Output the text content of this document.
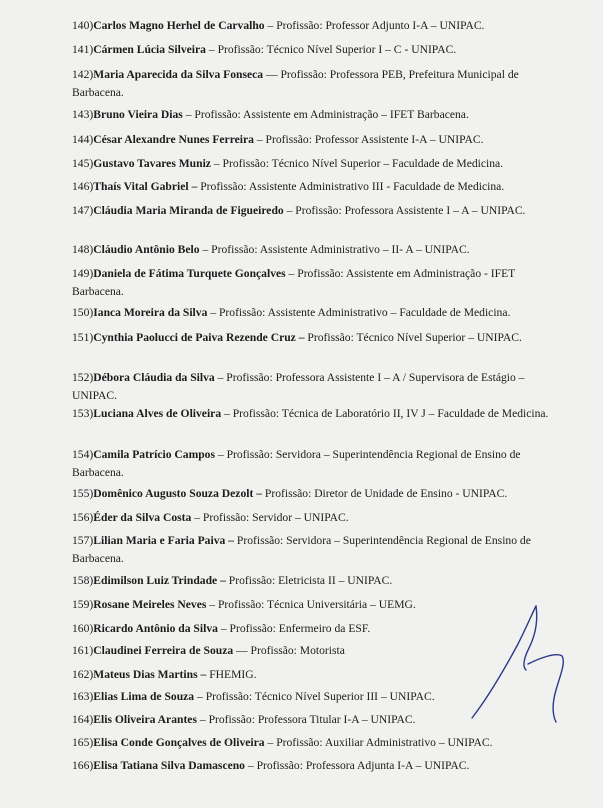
140)Carlos Magno Herhel de Carvalho – Profissão: Professor Adjunto I-A – UNIPAC.
141)Cármen Lúcia Silveira – Profissão: Técnico Nível Superior I – C - UNIPAC.
142)Maria Aparecida da Silva Fonseca — Profissão: Professora PEB, Prefeitura Municipal de Barbacena.
143)Bruno Vieira Dias – Profissão: Assistente em Administração – IFET Barbacena.
144)César Alexandre Nunes Ferreira – Profissão: Professor Assistente I-A – UNIPAC.
145)Gustavo Tavares Muniz – Profissão: Técnico Nível Superior – Faculdade de Medicina.
146)Thaís Vital Gabriel – Profissão: Assistente Administrativo III - Faculdade de Medicina.
147)Cláudia Maria Miranda de Figueiredo – Profissão: Professora Assistente I – A – UNIPAC.
148)Cláudio Antônio Belo – Profissão: Assistente Administrativo – II- A – UNIPAC.
149)Daniela de Fátima Turquete Gonçalves – Profissão: Assistente em Administração - IFET Barbacena.
150)Ianca Moreira da Silva – Profissão: Assistente Administrativo – Faculdade de Medicina.
151)Cynthia Paolucci de Paiva Rezende Cruz – Profissão: Técnico Nível Superior – UNIPAC.
152)Débora Cláudia da Silva – Profissão: Professora Assistente I – A / Supervisora de Estágio – UNIPAC.
153)Luciana Alves de Oliveira – Profissão: Técnica de Laboratório II, IV J – Faculdade de Medicina.
154)Camila Patrício Campos – Profissão: Servidora – Superintendência Regional de Ensino de Barbacena.
155)Domênico Augusto Souza Dezolt – Profissão: Diretor de Unidade de Ensino - UNIPAC.
156)Éder da Silva Costa – Profissão: Servidor – UNIPAC.
157)Lilian Maria e Faria Paiva – Profissão: Servidora – Superintendência Regional de Ensino de Barbacena.
158)Edimilson Luiz Trindade – Profissão: Eletricista II – UNIPAC.
159)Rosane Meireles Neves – Profissão: Técnica Universitária – UEMG.
160)Ricardo Antônio da Silva – Profissão: Enfermeiro da ESF.
161)Claudinei Ferreira de Souza — Profissão: Motorista
162)Mateus Dias Martins – FHEMIG.
163)Elias Lima de Souza – Profissão: Técnico Nível Superior III – UNIPAC.
164)Elis Oliveira Arantes – Profissão: Professora Titular I-A – UNIPAC.
165)Elisa Conde Gonçalves de Oliveira – Profissão: Auxiliar Administrativo – UNIPAC.
166)Elisa Tatiana Silva Damasceno – Profissão: Professora Adjunta I-A – UNIPAC.
